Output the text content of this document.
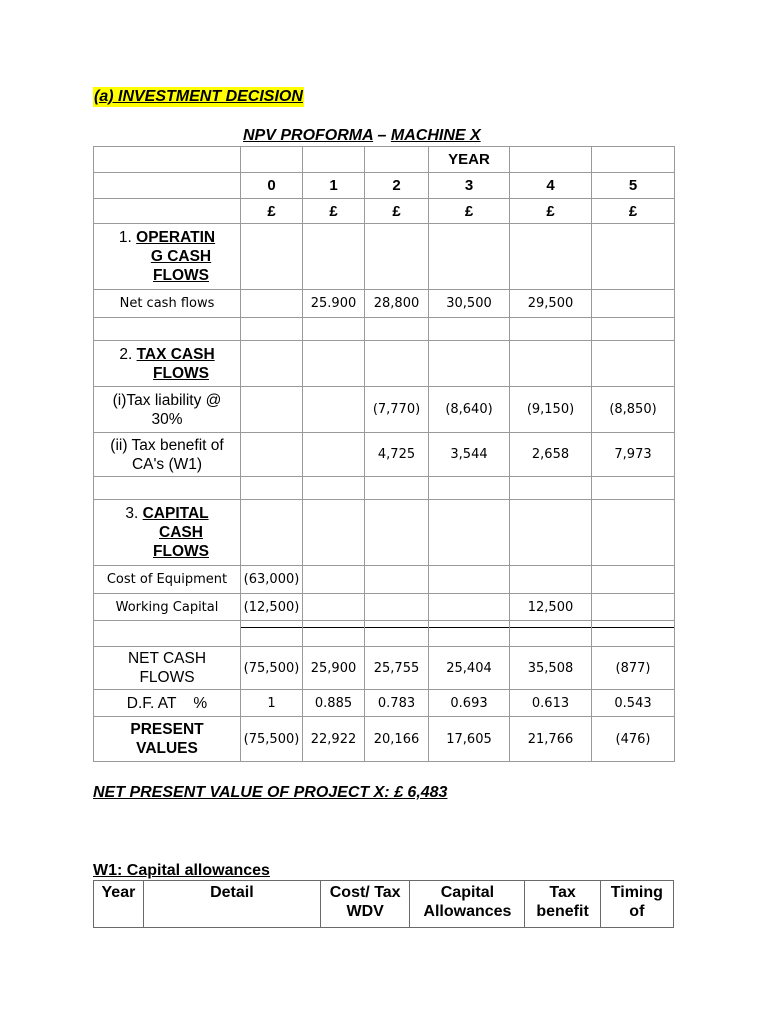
(a) INVESTMENT DECISION
NPV PROFORMA – MACHINE X
				YEAR		
	0	1	2	3	4	5
	£	£	£	£	£	£
1. OPERATIN
G CASH
FLOWS						
Net cash flows		25.900	28,800	30,500	29,500	

2. TAX CASH
FLOWS						
(i)Tax liability @ 30%			(7,770)	(8,640)	(9,150)	(8,850)
(ii) Tax benefit of CA's (W1)			4,725	3,544	2,658	7,973

3. CAPITAL
CASH
FLOWS						
Cost of Equipment	(63,000)					
Working Capital	(12,500)				12,500	

NET CASH FLOWS	(75,500)	25,900	25,755	25,404	35,508	(877)
D.F. AT    %	1	0.885	0.783	0.693	0.613	0.543
PRESENT VALUES	(75,500)	22,922	20,166	17,605	21,766	(476)
NET PRESENT VALUE OF PROJECT X: £ 6,483
W1: Capital allowances
Year	Detail	Cost/ Tax WDV	Capital Allowances	Tax benefit	Timing of
